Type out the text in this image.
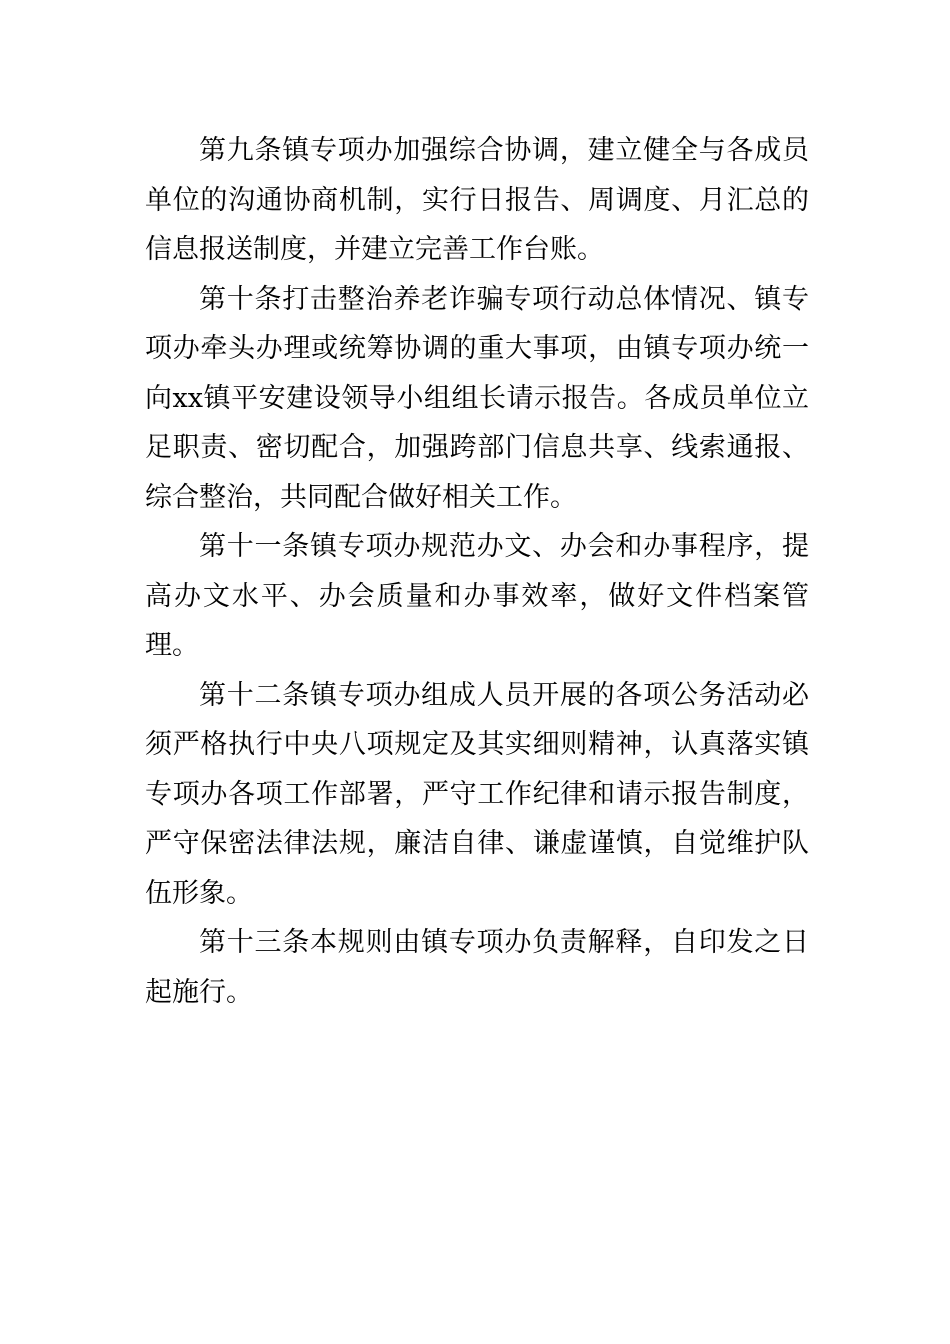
第九条镇专项办加强综合协调，建立健全与各成员单位的沟通协商机制，实行日报告、周调度、月汇总的信息报送制度，并建立完善工作台账。

第十条打击整治养老诈骗专项行动总体情况、镇专项办牵头办理或统筹协调的重大事项，由镇专项办统一向xx镇平安建设领导小组组长请示报告。各成员单位立足职责、密切配合，加强跨部门信息共享、线索通报、综合整治，共同配合做好相关工作。

第十一条镇专项办规范办文、办会和办事程序，提高办文水平、办会质量和办事效率，做好文件档案管理。

第十二条镇专项办组成人员开展的各项公务活动必须严格执行中央八项规定及其实细则精神，认真落实镇专项办各项工作部署，严守工作纪律和请示报告制度，严守保密法律法规，廉洁自律、谦虚谨慎，自觉维护队伍形象。

第十三条本规则由镇专项办负责解释，自印发之日起施行。
